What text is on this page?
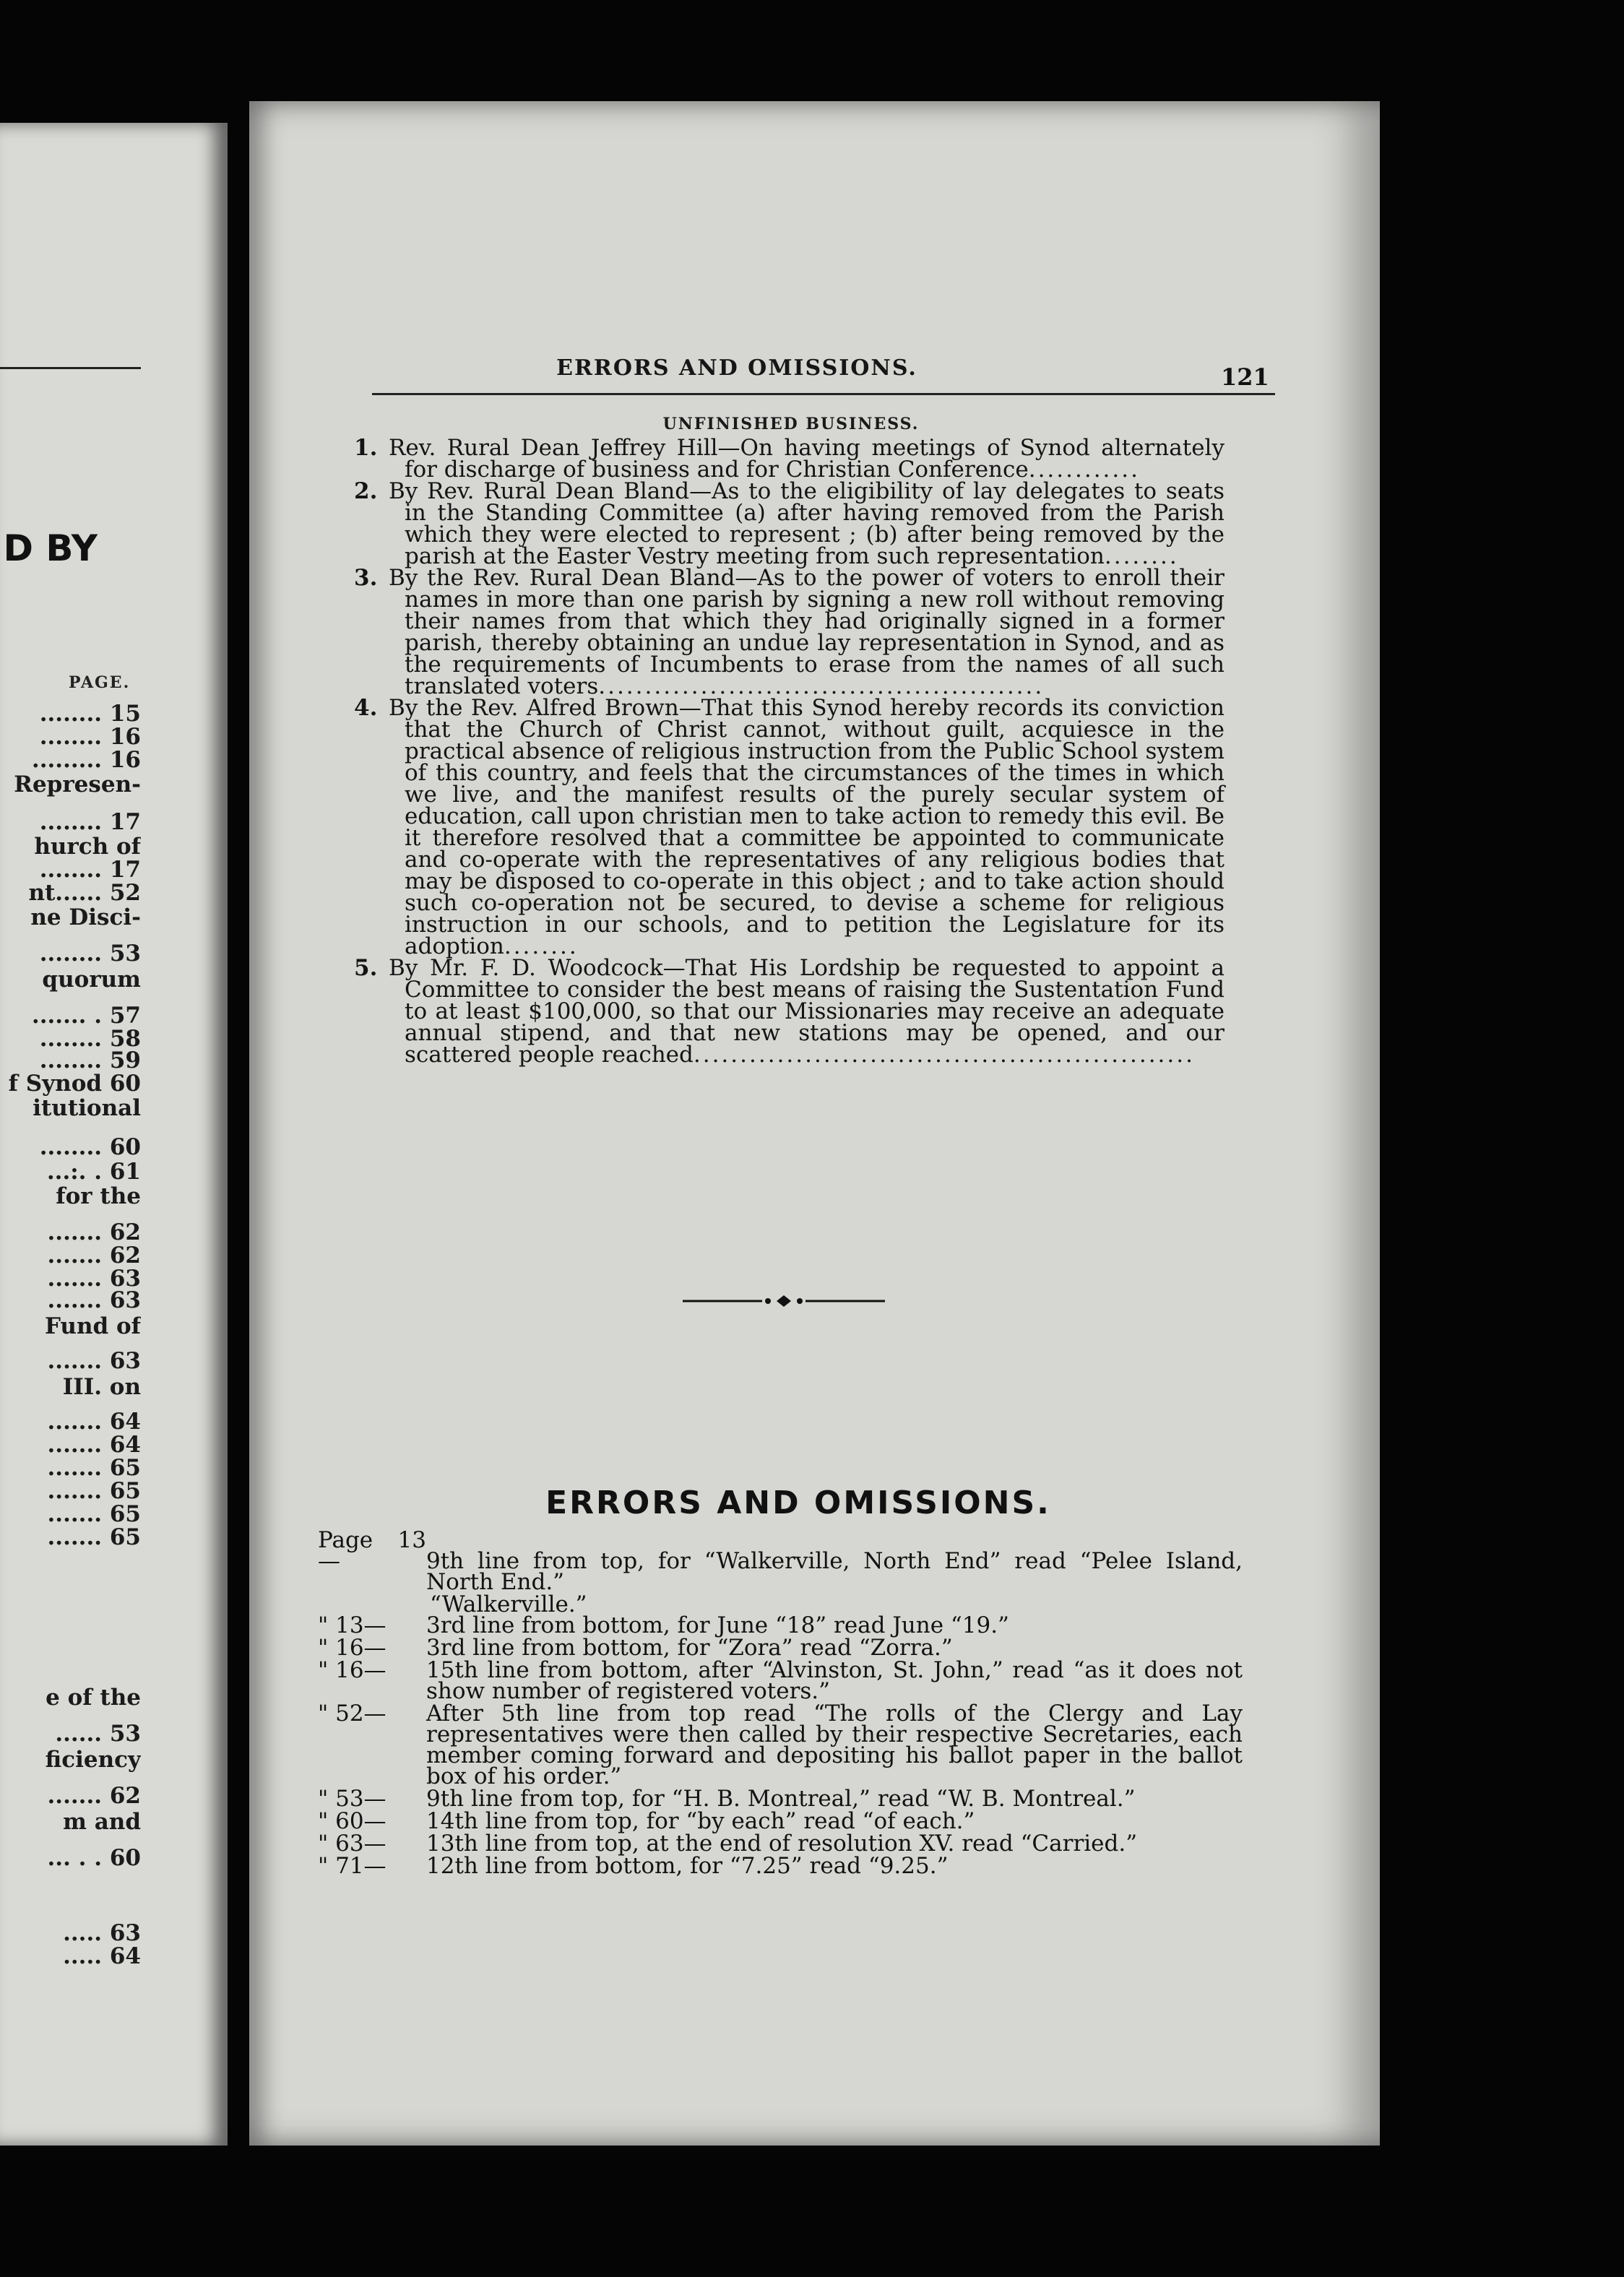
D BY
PAGE.
........ 15
........ 16
......... 16
Represen-
........ 17
hurch of
........ 17
nt...... 52
ne Disci-
........ 53
quorum
....... . 57
........ 58
........ 59
f Synod 60
itutional
........ 60
...:. . 61
for the
....... 62
....... 62
....... 63
....... 63
Fund of
....... 63
III. on
....... 64
....... 64
....... 65
....... 65
....... 65
....... 65
e of the
...... 53
ficiency
....... 62
m and
... . . 60
..... 63
..... 64
ERRORS AND OMISSIONS.	121
UNFINISHED BUSINESS.

1. Rev. Rural Dean Jeffrey Hill—On having meetings of Synod alternately for discharge of business and for Christian Conference............

2. By Rev. Rural Dean Bland—As to the eligibility of lay delegates to seats in the Standing Committee (a) after having removed from the Parish which they were elected to represent ; (b) after being removed by the parish at the Easter Vestry meeting from such representation........

3. By the Rev. Rural Dean Bland—As to the power of voters to enroll their names in more than one parish by signing a new roll without removing their names from that which they had originally signed in a former parish, thereby obtaining an undue lay representation in Synod, and as the requirements of Incumbents to erase from the names of all such translated voters................................................

4. By the Rev. Alfred Brown—That this Synod hereby records its conviction that the Church of Christ cannot, without guilt, acquiesce in the practical absence of religious instruction from the Public School system of this country, and feels that the circumstances of the times in which we live, and the manifest results of the purely secular system of education, call upon christian men to take action to remedy this evil. Be it therefore resolved that a committee be appointed to communicate and co-operate with the representatives of any religious bodies that may be disposed to co-operate in this object ; and to take action should such co-operation not be secured, to devise a scheme for religious instruction in our schools, and to petition the Legislature for its adoption........

5. By Mr. F. D. Woodcock—That His Lordship be requested to appoint a Committee to consider the best means of raising the Sustentation Fund to at least $100,000, so that our Missionaries may receive an adequate annual stipend, and that new stations may be opened, and our scattered people reached......................................................

ERRORS AND OMISSIONS.

Page 13—	9th line from top, for “Walkerville, North End” read “Pelee Island, North End.”

“Walkerville.”

" 13— 3rd line from bottom, for June “18” read June “19.”

" 16— 3rd line from bottom, for “Zora” read “Zorra.”

" 16— 15th line from bottom, after “Alvinston, St. John,” read “as it does not show number of registered voters.”

" 52— After 5th line from top read “The rolls of the Clergy and Lay representatives were then called by their respective Secretaries, each member coming forward and depositing his ballot paper in the ballot box of his order.”

" 53— 9th line from top, for “H. B. Montreal,” read “W. B. Montreal.”

" 60— 14th line from top, for “by each” read “of each.”

" 63— 13th line from top, at the end of resolution XV. read “Carried.”

" 71— 12th line from bottom, for “7.25” read “9.25.”
